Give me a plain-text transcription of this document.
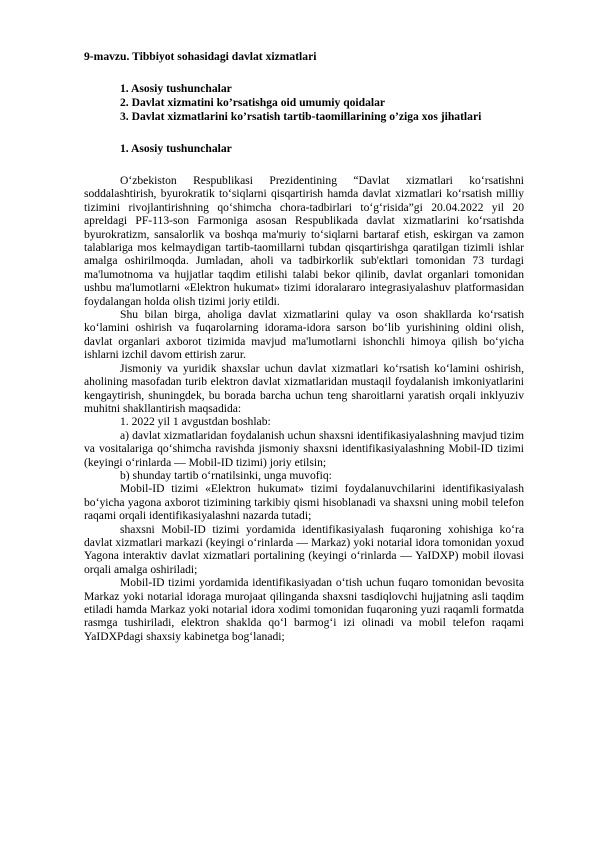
9-mavzu. Tibbiyot sohasidagi davlat xizmatlari
1. Asosiy tushunchalar
2. Davlat xizmatini ko’rsatishga oid umumiy qoidalar
3. Davlat xizmatlarini ko’rsatish tartib-taomillarining o’ziga xos jihatlari
1. Asosiy tushunchalar

O‘zbekiston Respublikasi Prezidentining “Davlat xizmatlari ko‘rsatishni soddalashtirish, byurokratik to‘siqlarni qisqartirish hamda davlat xizmatlari ko‘rsatish milliy tizimini rivojlantirishning qo‘shimcha chora-tadbirlari to‘g‘risida”gi 20.04.2022 yil 20 apreldagi PF-113-son Farmoniga asosan Respublikada davlat xizmatlarini ko‘rsatishda byurokratizm, sansalorlik va boshqa ma'muriy to‘siqlarni bartaraf etish, eskirgan va zamon talablariga mos kelmaydigan tartib-taomillarni tubdan qisqartirishga qaratilgan tizimli ishlar amalga oshirilmoqda. Jumladan, aholi va tadbirkorlik sub'ektlari tomonidan 73 turdagi ma'lumotnoma va hujjatlar taqdim etilishi talabi bekor qilinib, davlat organlari tomonidan ushbu ma'lumotlarni «Elektron hukumat» tizimi idoralararo integrasiyalashuv platformasidan foydalangan holda olish tizimi joriy etildi.

Shu bilan birga, aholiga davlat xizmatlarini qulay va oson shakllarda ko‘rsatish ko‘lamini oshirish va fuqarolarning idorama-idora sarson bo‘lib yurishining oldini olish, davlat organlari axborot tizimida mavjud ma'lumotlarni ishonchli himoya qilish bo‘yicha ishlarni izchil davom ettirish zarur.

Jismoniy va yuridik shaxslar uchun davlat xizmatlari ko‘rsatish ko‘lamini oshirish, aholining masofadan turib elektron davlat xizmatlaridan mustaqil foydalanish imkoniyatlarini kengaytirish, shuningdek, bu borada barcha uchun teng sharoitlarni yaratish orqali inklyuziv muhitni shakllantirish maqsadida:

1. 2022 yil 1 avgustdan boshlab:

a) davlat xizmatlaridan foydalanish uchun shaxsni identifikasiyalashning mavjud tizim va vositalariga qo‘shimcha ravishda jismoniy shaxsni identifikasiyalashning Mobil-ID tizimi (keyingi o‘rinlarda — Mobil-ID tizimi) joriy etilsin;

b) shunday tartib o‘rnatilsinki, unga muvofiq:

Mobil-ID tizimi «Elektron hukumat» tizimi foydalanuvchilarini identifikasiyalash bo‘yicha yagona axborot tizimining tarkibiy qismi hisoblanadi va shaxsni uning mobil telefon raqami orqali identifikasiyalashni nazarda tutadi;

shaxsni Mobil-ID tizimi yordamida identifikasiyalash fuqaroning xohishiga ko‘ra davlat xizmatlari markazi (keyingi o‘rinlarda — Markaz) yoki notarial idora tomonidan yoxud Yagona interaktiv davlat xizmatlari portalining (keyingi o‘rinlarda — YaIDXP) mobil ilovasi orqali amalga oshiriladi;

Mobil-ID tizimi yordamida identifikasiyadan o‘tish uchun fuqaro tomonidan bevosita Markaz yoki notarial idoraga murojaat qilinganda shaxsni tasdiqlovchi hujjatning asli taqdim etiladi hamda Markaz yoki notarial idora xodimi tomonidan fuqaroning yuzi raqamli formatda rasmga tushiriladi, elektron shaklda qo‘l barmog‘i izi olinadi va mobil telefon raqami YaIDXPdagi shaxsiy kabinetga bog‘lanadi;
